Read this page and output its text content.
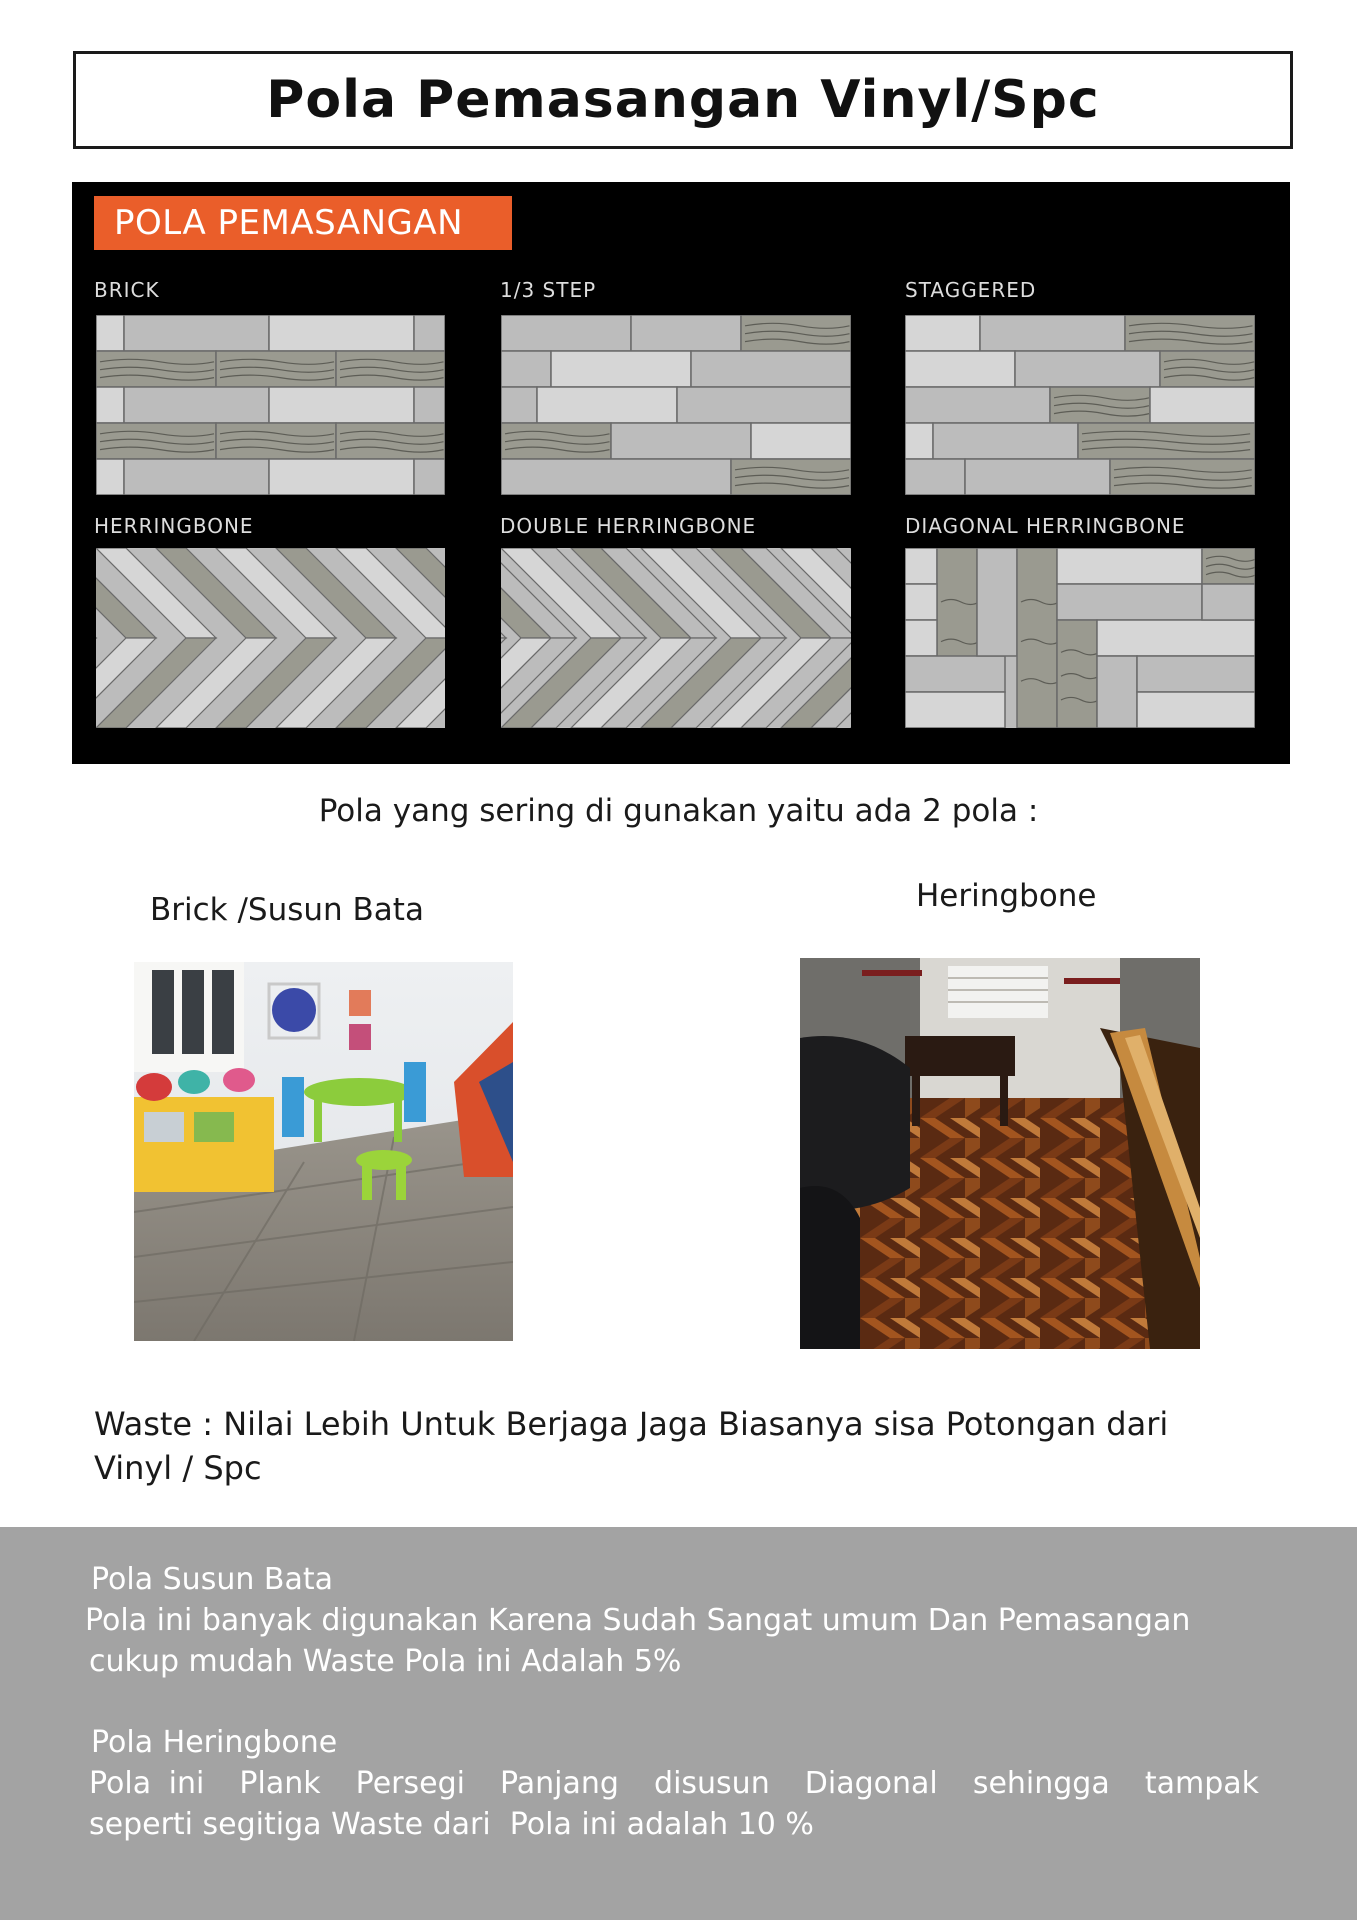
Pola Pemasangan Vinyl/Spc
POLA PEMASANGAN
BRICK	1/3 STEP	STAGGERED
HERRINGBONE	DOUBLE HERRINGBONE	DIAGONAL HERRINGBONE
Pola yang sering di gunakan yaitu ada 2 pola :
Brick /Susun Bata	Heringbone
Waste : Nilai Lebih Untuk Berjaga Jaga Biasanya sisa Potongan dari
Vinyl / Spc
Pola Susun Bata
Pola ini banyak digunakan Karena Sudah Sangat umum Dan Pemasangan
cukup mudah Waste Pola ini Adalah 5%
Pola Heringbone
Pola ini  Plank  Persegi  Panjang  disusun  Diagonal  sehingga  tampak
seperti segitiga Waste dari  Pola ini adalah 10 %
